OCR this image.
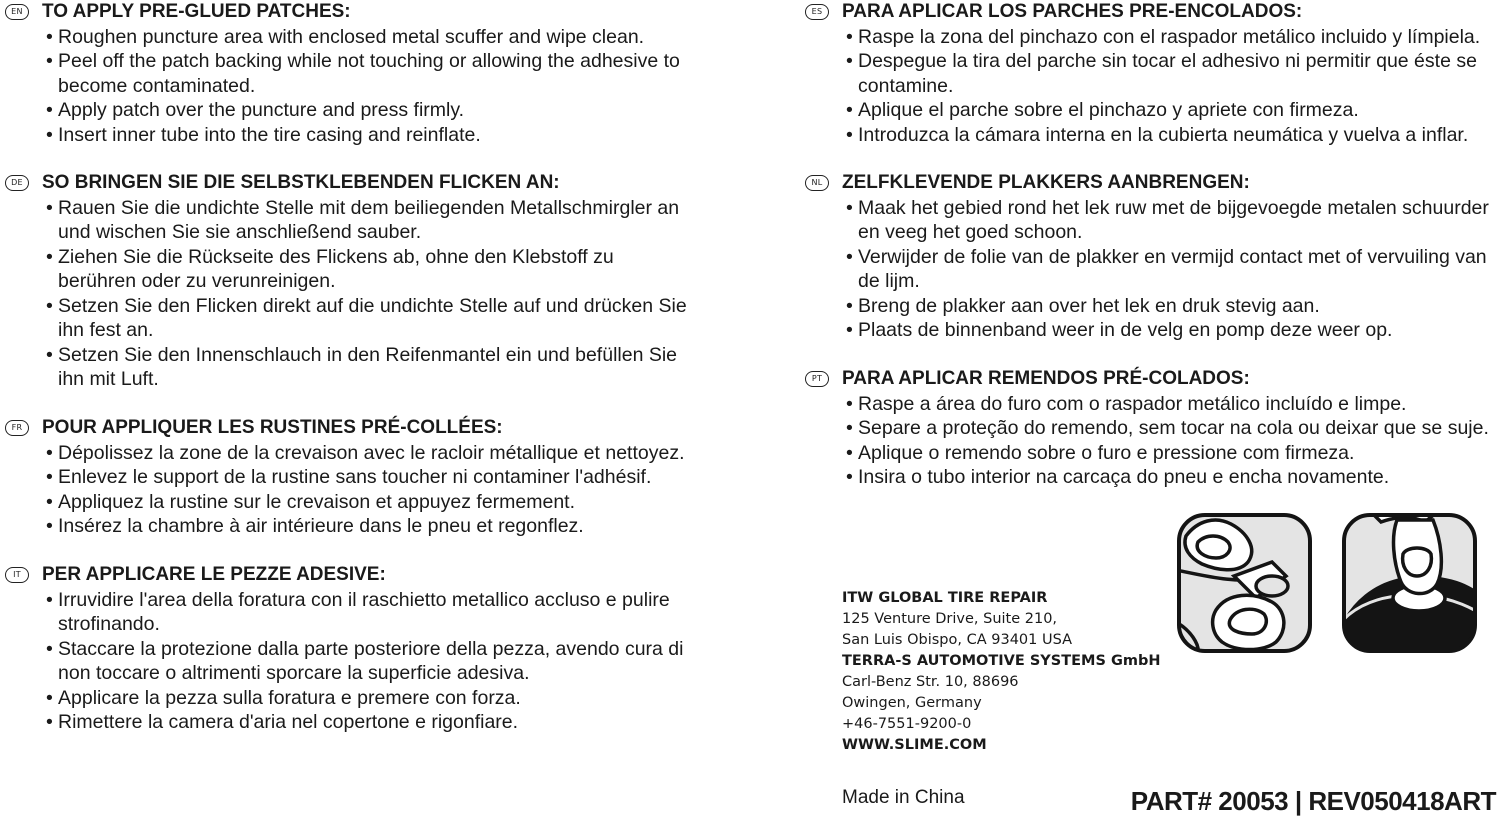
EN	TO APPLY PRE-GLUED PATCHES:
• Roughen puncture area with enclosed metal scuffer and wipe clean.
• Peel off the patch backing while not touching or allowing the adhesive to become contaminated.
• Apply patch over the puncture and press firmly.
• Insert inner tube into the tire casing and reinflate.
DE	SO BRINGEN SIE DIE SELBSTKLEBENDEN FLICKEN AN:
• Rauen Sie die undichte Stelle mit dem beiliegenden Metallschmirgler an und wischen Sie sie anschließend sauber.
• Ziehen Sie die Rückseite des Flickens ab, ohne den Klebstoff zu berühren oder zu verunreinigen.
• Setzen Sie den Flicken direkt auf die undichte Stelle auf und drücken Sie ihn fest an.
• Setzen Sie den Innenschlauch in den Reifenmantel ein und befüllen Sie ihn mit Luft.
FR	POUR APPLIQUER LES RUSTINES PRÉ-COLLÉES:
• Dépolissez la zone de la crevaison avec le racloir métallique et nettoyez.
• Enlevez le support de la rustine sans toucher ni contaminer l'adhésif.
• Appliquez la rustine sur le crevaison et appuyez fermement.
• Insérez la chambre à air intérieure dans le pneu et regonflez.
IT	PER APPLICARE LE PEZZE ADESIVE:
• Irruvidire l'area della foratura con il raschietto metallico accluso e pulire strofinando.
• Staccare la protezione dalla parte posteriore della pezza, avendo cura di non toccare o altrimenti sporcare la superficie adesiva.
• Applicare la pezza sulla foratura e premere con forza.
• Rimettere la camera d'aria nel copertone e rigonfiare.
ES	PARA APLICAR LOS PARCHES PRE-ENCOLADOS:
• Raspe la zona del pinchazo con el raspador metálico incluido y límpiela.
• Despegue la tira del parche sin tocar el adhesivo ni permitir que éste se contamine.
• Aplique el parche sobre el pinchazo y apriete con firmeza.
• Introduzca la cámara interna en la cubierta neumática y vuelva a inflar.
NL	ZELFKLEVENDE PLAKKERS AANBRENGEN:
• Maak het gebied rond het lek ruw met de bijgevoegde metalen schuurder en veeg het goed schoon.
• Verwijder de folie van de plakker en vermijd contact met of vervuiling van de lijm.
• Breng de plakker aan over het lek en druk stevig aan.
• Plaats de binnenband weer in de velg en pomp deze weer op.
PT	PARA APLICAR REMENDOS PRÉ-COLADOS:
• Raspe a área do furo com o raspador metálico incluído e limpe.
• Separe a proteção do remendo, sem tocar na cola ou deixar que se suje.
• Aplique o remendo sobre o furo e pressione com firmeza.
• Insira o tubo interior na carcaça do pneu e encha novamente.
ITW GLOBAL TIRE REPAIR
125 Venture Drive, Suite 210,
San Luis Obispo, CA 93401 USA
TERRA-S AUTOMOTIVE SYSTEMS GmbH
Carl-Benz Str. 10, 88696
Owingen, Germany
+46-7551-9200-0
WWW.SLIME.COM
Made in China	PART# 20053 | REV050418ART
